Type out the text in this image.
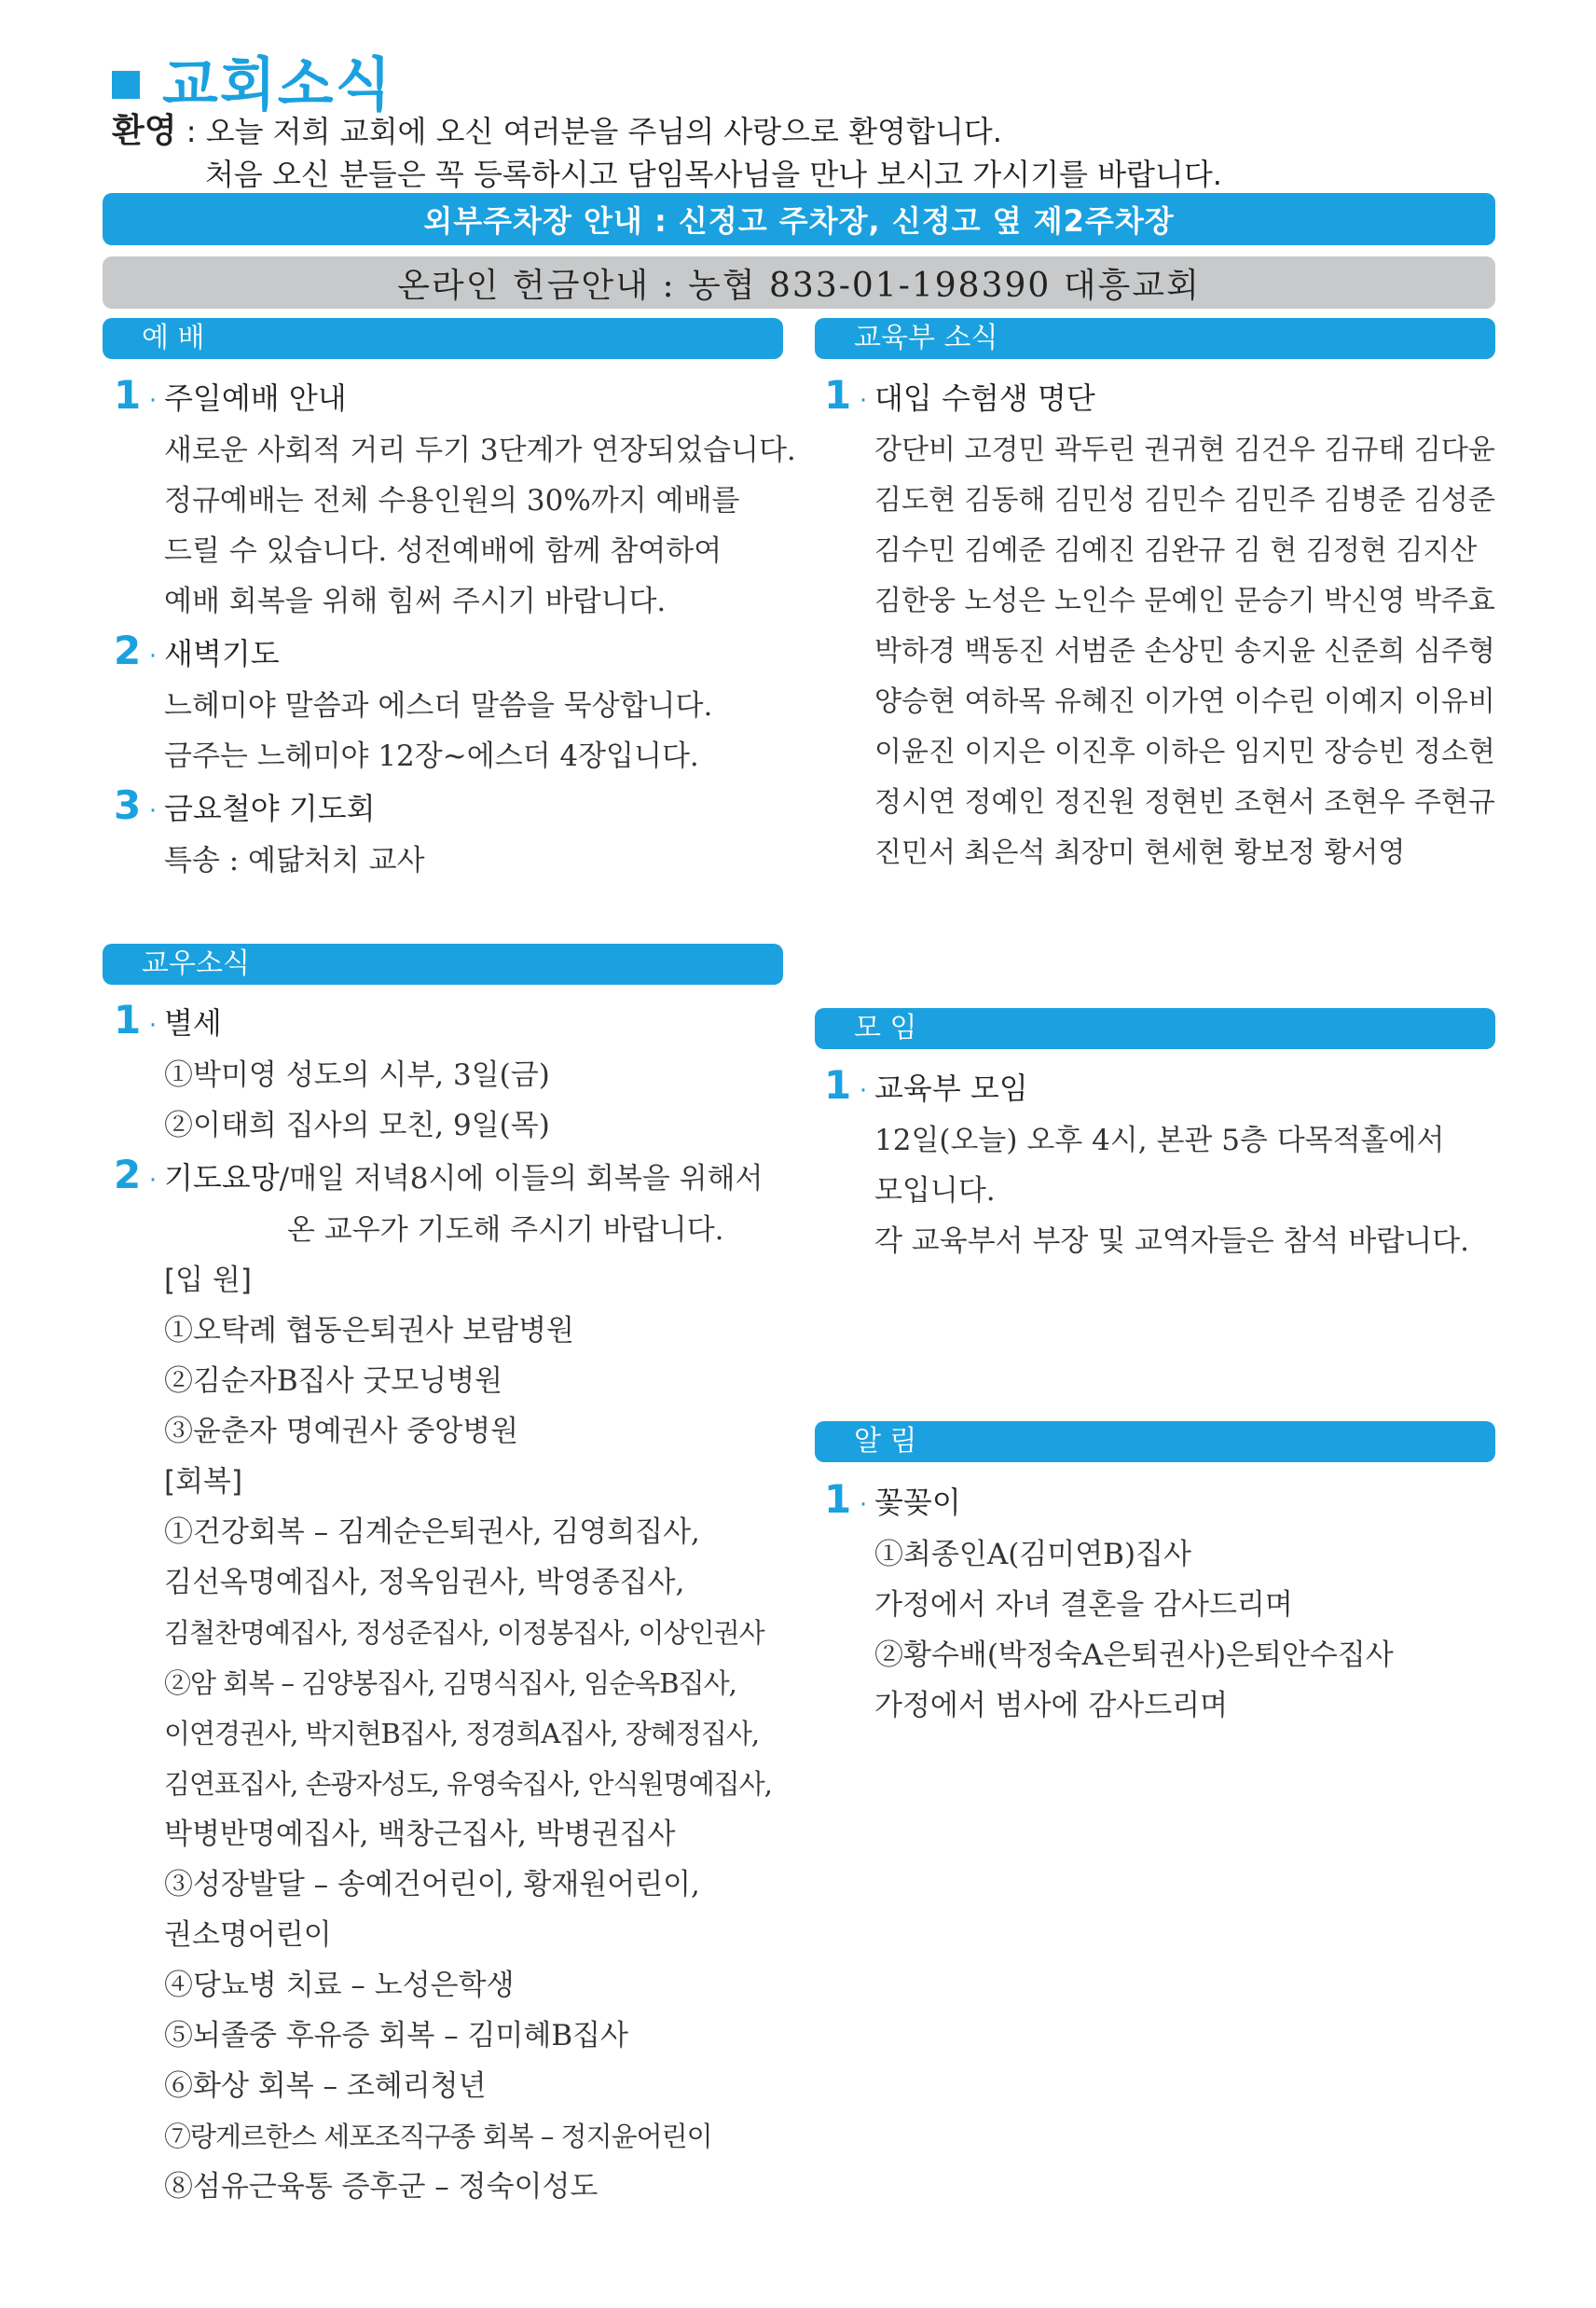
교회소식
환영 : 오늘 저희 교회에 오신 여러분을 주님의 사랑으로 환영합니다.
처음 오신 분들은 꼭 등록하시고 담임목사님을 만나 보시고 가시기를 바랍니다.
외부주차장 안내 : 신정고 주차장, 신정고 옆 제2주차장
온라인 헌금안내 : 농협 833-01-198390 대흥교회
예 배
1 · 주일예배 안내
새로운 사회적 거리 두기 3단계가 연장되었습니다.
정규예배는 전체 수용인원의 30%까지 예배를
드릴 수 있습니다. 성전예배에 함께 참여하여
예배 회복을 위해 힘써 주시기 바랍니다.
2 · 새벽기도
느헤미야 말씀과 에스더 말씀을 묵상합니다.
금주는 느헤미야 12장~에스더 4장입니다.
3 · 금요철야 기도회
특송 : 예닮처치 교사
교우소식
1 · 별세
①박미영 성도의 시부, 3일(금)
②이태희 집사의 모친, 9일(목)
2 · 기도요망/매일 저녁8시에 이들의 회복을 위해서
온 교우가 기도해 주시기 바랍니다.
[입 원]
①오탁례 협동은퇴권사 보람병원
②김순자B집사 굿모닝병원
③윤춘자 명예권사 중앙병원
[회복]
①건강회복 – 김계순은퇴권사, 김영희집사,
김선옥명예집사, 정옥임권사, 박영종집사,
김철찬명예집사, 정성준집사, 이정봉집사, 이상인권사
②암 회복 – 김양봉집사, 김명식집사, 임순옥B집사,
이연경권사, 박지현B집사, 정경희A집사, 장혜정집사,
김연표집사, 손광자성도, 유영숙집사, 안식원명예집사,
박병반명예집사, 백창근집사, 박병권집사
③성장발달 – 송예건어린이, 황재원어린이,
권소명어린이
④당뇨병 치료 – 노성은학생
⑤뇌졸중 후유증 회복 – 김미혜B집사
⑥화상 회복 – 조혜리청년
⑦랑게르한스 세포조직구종 회복 – 정지윤어린이
⑧섬유근육통 증후군 – 정숙이성도
교육부 소식
1 · 대입 수험생 명단
강단비 고경민 곽두린 권귀현 김건우 김규태 김다윤
김도현 김동해 김민성 김민수 김민주 김병준 김성준
김수민 김예준 김예진 김완규 김 현 김정현 김지산
김한웅 노성은 노인수 문예인 문승기 박신영 박주효
박하경 백동진 서범준 손상민 송지윤 신준희 심주형
양승현 여하목 유혜진 이가연 이수린 이예지 이유비
이윤진 이지은 이진후 이하은 임지민 장승빈 정소현
정시연 정예인 정진원 정현빈 조현서 조현우 주현규
진민서 최은석 최장미 현세현 황보정 황서영
모 임
1 · 교육부 모임
12일(오늘) 오후 4시, 본관 5층 다목적홀에서
모입니다.
각 교육부서 부장 및 교역자들은 참석 바랍니다.
알 림
1 · 꽃꽂이
①최종인A(김미연B)집사
가정에서 자녀 결혼을 감사드리며
②황수배(박정숙A은퇴권사)은퇴안수집사
가정에서 범사에 감사드리며
